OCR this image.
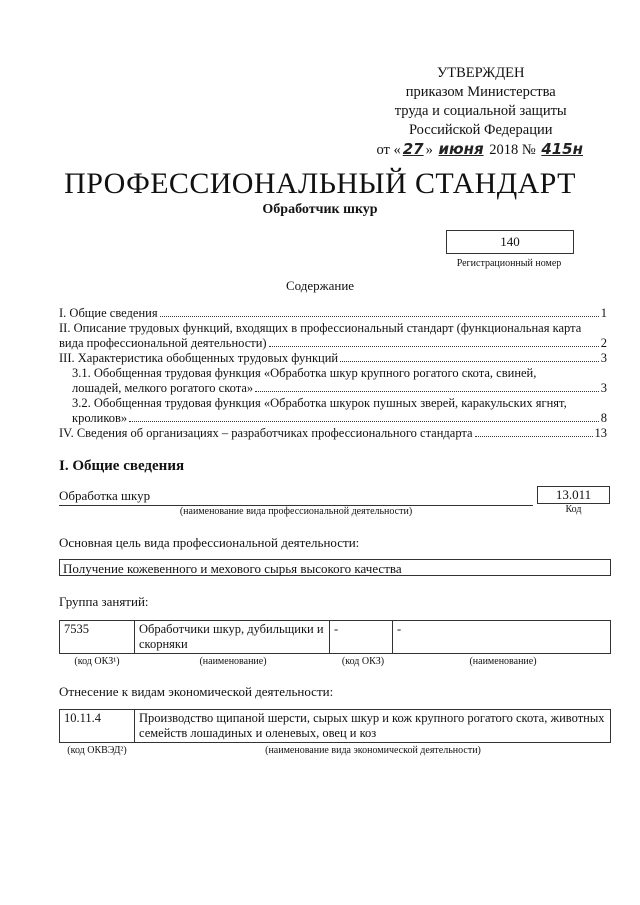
УТВЕРЖДЕН
приказом Министерства
труда и социальной защиты
Российской Федерации
от « 27 » июня 2018 № 415н
ПРОФЕССИОНАЛЬНЫЙ СТАНДАРТ
Обработчик шкур
140
Регистрационный номер
Содержание
I. Общие сведения	1
II. Описание трудовых функций, входящих в профессиональный стандарт (функциональная карта
вида профессиональной деятельности)	2
III. Характеристика обобщенных трудовых функций	3
3.1. Обобщенная трудовая функция «Обработка шкур крупного рогатого скота, свиней,
лошадей, мелкого рогатого скота»	3
3.2. Обобщенная трудовая функция «Обработка шкурок пушных зверей, каракульских ягнят,
кроликов»	8
IV. Сведения об организациях – разработчиках профессионального стандарта	13
I. Общие сведения
Обработка шкур	13.011
(наименование вида профессиональной деятельности)	Код
Основная цель вида профессиональной деятельности:
Получение кожевенного и мехового сырья высокого качества
Группа занятий:
7535	Обработчики шкур, дубильщики и скорняки	-	-
(код ОКЗ¹)	(наименование)	(код ОКЗ)	(наименование)
Отнесение к видам экономической деятельности:
10.11.4	Производство щипаной шерсти, сырых шкур и кож крупного рогатого скота, животных семейств лошадиных и оленевых, овец и коз
(код ОКВЭД²)	(наименование вида экономической деятельности)
